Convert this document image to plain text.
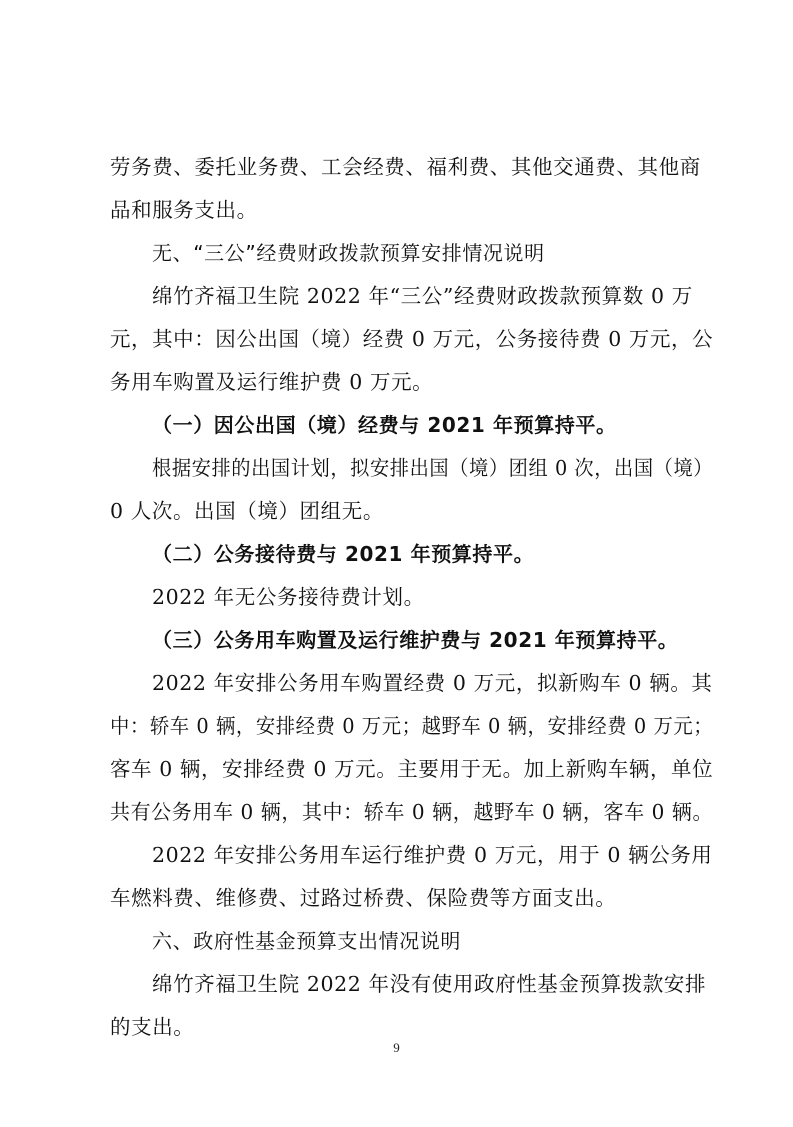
劳务费、委托业务费、工会经费、福利费、其他交通费、其他商

品和服务支出。

无、“三公”经费财政拨款预算安排情况说明

绵竹齐福卫生院 2022 年“三公”经费财政拨款预算数 0 万

元，其中：因公出国（境）经费 0 万元，公务接待费 0 万元，公

务用车购置及运行维护费 0 万元。

（一）因公出国（境）经费与 2021 年预算持平。

根据安排的出国计划，拟安排出国（境）团组 0 次，出国（境）

0 人次。出国（境）团组无。

（二）公务接待费与 2021 年预算持平。

2022 年无公务接待费计划。

（三）公务用车购置及运行维护费与 2021 年预算持平。

2022 年安排公务用车购置经费 0 万元，拟新购车 0 辆。其

中：轿车 0 辆，安排经费 0 万元；越野车 0 辆，安排经费 0 万元；

客车 0 辆，安排经费 0 万元。主要用于无。加上新购车辆，单位

共有公务用车 0 辆，其中：轿车 0 辆，越野车 0 辆，客车 0 辆。

2022 年安排公务用车运行维护费 0 万元，用于 0 辆公务用

车燃料费、维修费、过路过桥费、保险费等方面支出。

六、政府性基金预算支出情况说明

绵竹齐福卫生院 2022 年没有使用政府性基金预算拨款安排

的支出。

9
